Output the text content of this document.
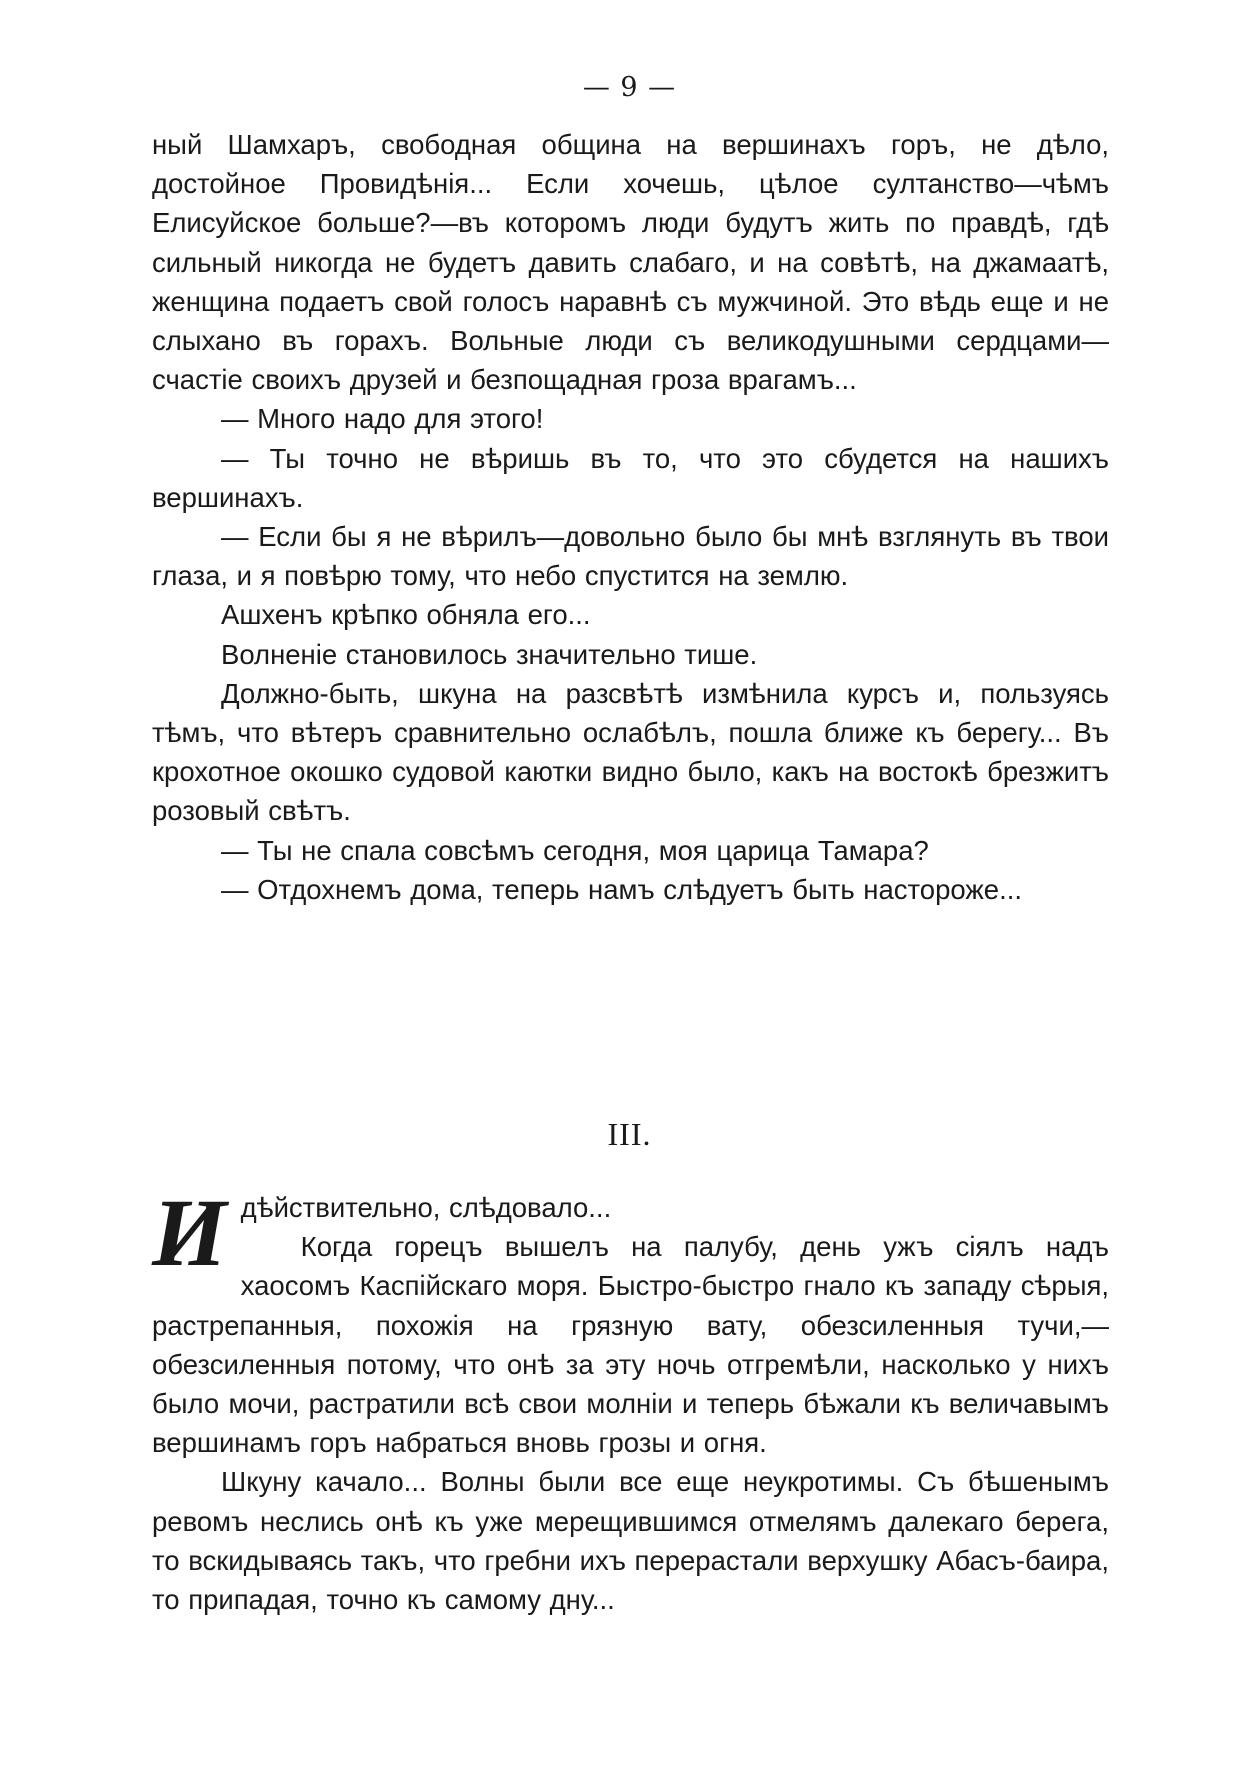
— 9 —

ный Шамхаръ, свободная община на вершинахъ горъ, не дѣло, достойное Провидѣнія... Если хочешь, цѣлое султанство—чѣмъ Елисуйское больше?—въ которомъ люди будутъ жить по правдѣ, гдѣ сильный никогда не будетъ давить слабаго, и на совѣтѣ, на джамаатѣ, женщина подаетъ свой голосъ наравнѣ съ мужчиной. Это вѣдь еще и не слыхано въ горахъ. Вольные люди съ великодушными сердцами—счастіе своихъ друзей и безпощадная гроза врагамъ...

— Много надо для этого!

— Ты точно не вѣришь въ то, что это сбудется на нашихъ вершинахъ.

— Если бы я не вѣрилъ—довольно было бы мнѣ взглянуть въ твои глаза, и я повѣрю тому, что небо спустится на землю.

Ашхенъ крѣпко обняла его...

Волненіе становилось значительно тише.

Должно-быть, шкуна на разсвѣтѣ измѣнила курсъ и, пользуясь тѣмъ, что вѣтеръ сравнительно ослабѣлъ, пошла ближе къ берегу... Въ крохотное окошко судовой каютки видно было, какъ на востокѣ брезжитъ розовый свѣтъ.

— Ты не спала совсѣмъ сегодня, моя царица Тамара?

— Отдохнемъ дома, теперь намъ слѣдуетъ быть настороже...

III.

Идѣйствительно, слѣдовало...
Когда горецъ вышелъ на палубу, день ужъ сіялъ надъ хаосомъ Каспійскаго моря. Быстро-быстро гнало къ западу сѣрыя, растрепанныя, похожія на грязную вату, обезсиленныя тучи,—обезсиленныя потому, что онѣ за эту ночь отгремѣли, насколько у нихъ было мочи, растратили всѣ свои молніи и теперь бѣжали къ величавымъ вершинамъ горъ набраться вновь грозы и огня.

Шкуну качало... Волны были все еще неукротимы. Съ бѣшенымъ ревомъ неслись онѣ къ уже мерещившимся отмелямъ далекаго берега, то вскидываясь такъ, что гребни ихъ перерастали верхушку Абасъ-баира, то припадая, точно къ самому дну...
